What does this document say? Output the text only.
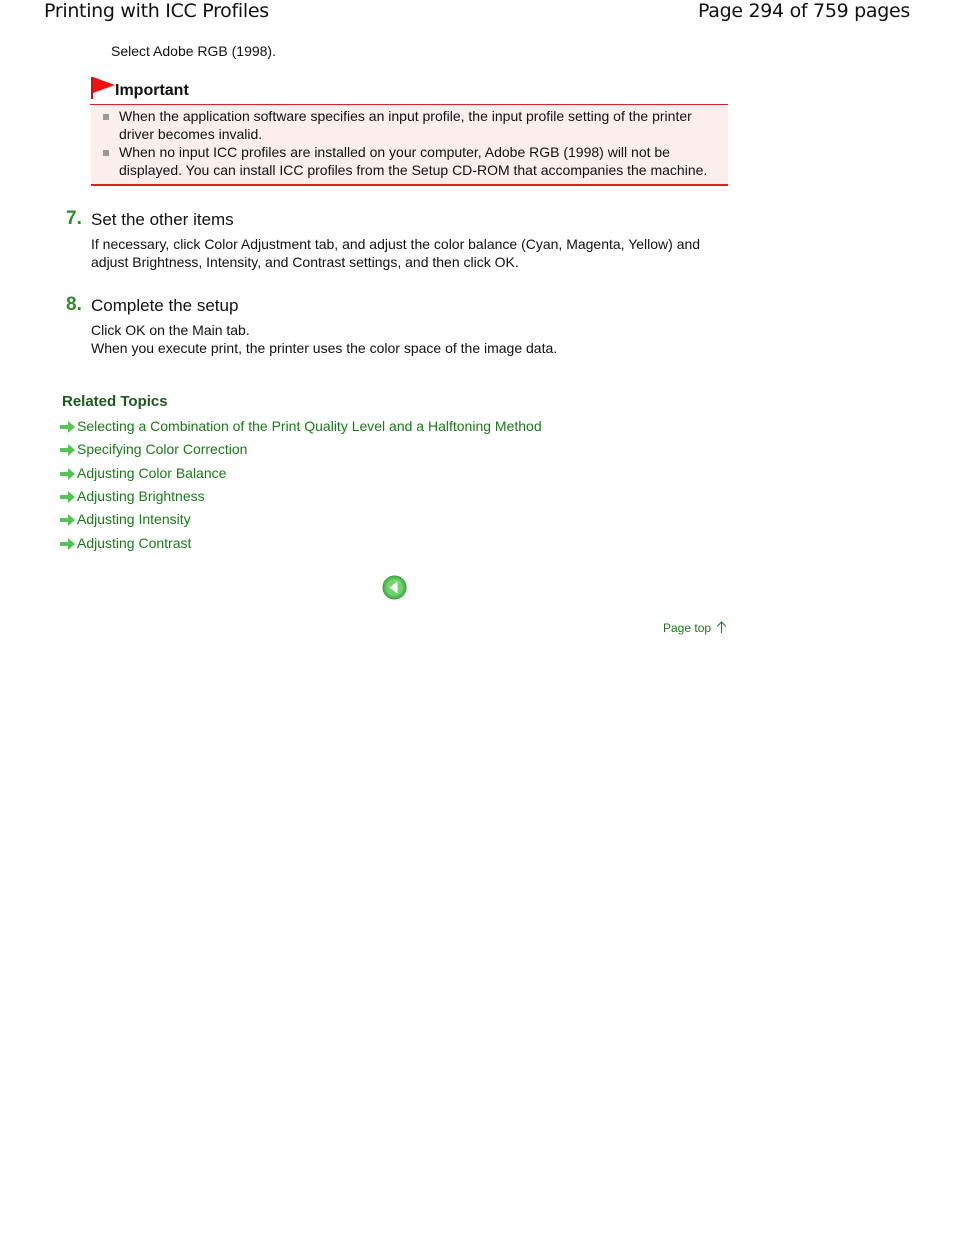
Printing with ICC Profiles	Page 294 of 759 pages
Select Adobe RGB (1998).
Important
When the application software specifies an input profile, the input profile setting of the printer
driver becomes invalid.
When no input ICC profiles are installed on your computer, Adobe RGB (1998) will not be
displayed. You can install ICC profiles from the Setup CD-ROM that accompanies the machine.
7. Set the other items
If necessary, click Color Adjustment tab, and adjust the color balance (Cyan, Magenta, Yellow) and
adjust Brightness, Intensity, and Contrast settings, and then click OK.
8. Complete the setup
Click OK on the Main tab.
When you execute print, the printer uses the color space of the image data.
Related Topics
Selecting a Combination of the Print Quality Level and a Halftoning Method
Specifying Color Correction
Adjusting Color Balance
Adjusting Brightness
Adjusting Intensity
Adjusting Contrast
Page top
